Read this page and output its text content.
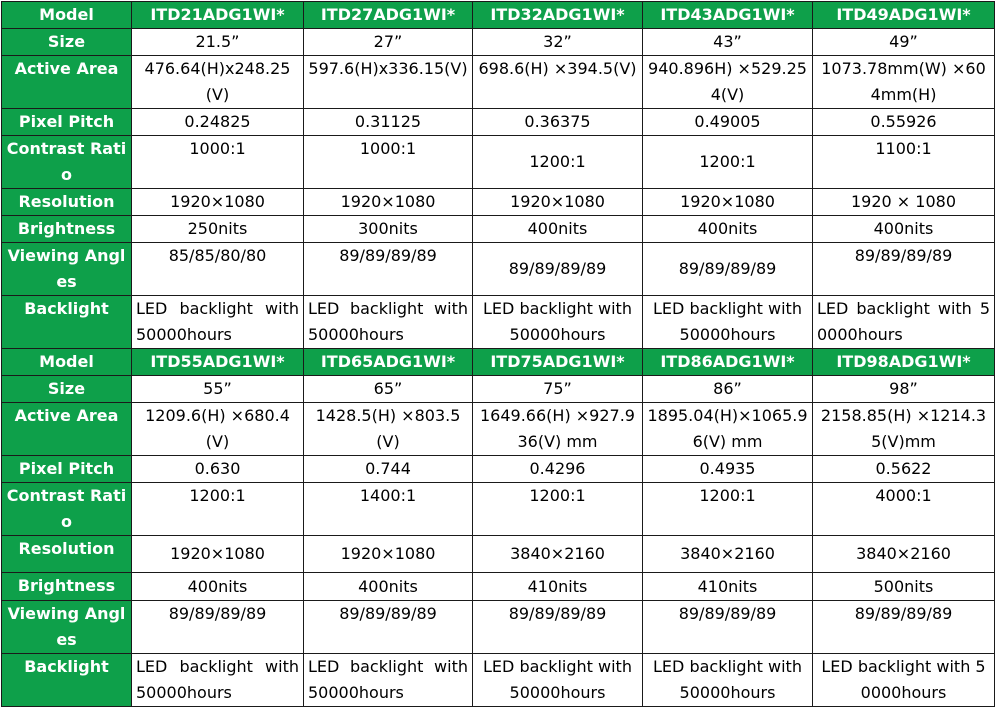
Model	ITD21ADG1WI*	ITD27ADG1WI*	ITD32ADG1WI*	ITD43ADG1WI*	ITD49ADG1WI*
Size	21.5”	27”	32”	43”	49”
Active Area	476.64(H)x248.25(V)	597.6(H)x336.15(V)	698.6(H) ×394.5(V)	940.896H) ×529.254(V)	1073.78mm(W) ×604mm(H)
Pixel Pitch	0.24825	0.31125	0.36375	0.49005	0.55926
Contrast Ratio	1000:1	1000:1	1200:1	1200:1	1100:1
Resolution	1920×1080	1920×1080	1920×1080	1920×1080	1920 × 1080
Brightness	250nits	300nits	400nits	400nits	400nits
Viewing Angles	85/85/80/80	89/89/89/89	89/89/89/89	89/89/89/89	89/89/89/89
Backlight	LED backlight with 50000hours	LED backlight with 50000hours	LED backlight with 50000hours	LED backlight with 50000hours	LED backlight with 50000hours
Model	ITD55ADG1WI*	ITD65ADG1WI*	ITD75ADG1WI*	ITD86ADG1WI*	ITD98ADG1WI*
Size	55”	65”	75”	86”	98”
Active Area	1209.6(H) ×680.4(V)	1428.5(H) ×803.5(V)	1649.66(H) ×927.936(V) mm	1895.04(H)×1065.96(V) mm	2158.85(H) ×1214.35(V)mm
Pixel Pitch	0.630	0.744	0.4296	0.4935	0.5622
Contrast Ratio	1200:1	1400:1	1200:1	1200:1	4000:1
Resolution	1920×1080	1920×1080	3840×2160	3840×2160	3840×2160
Brightness	400nits	400nits	410nits	410nits	500nits
Viewing Angles	89/89/89/89	89/89/89/89	89/89/89/89	89/89/89/89	89/89/89/89
Backlight	LED backlight with 50000hours	LED backlight with 50000hours	LED backlight with 50000hours	LED backlight with 50000hours	LED backlight with 50000hours
